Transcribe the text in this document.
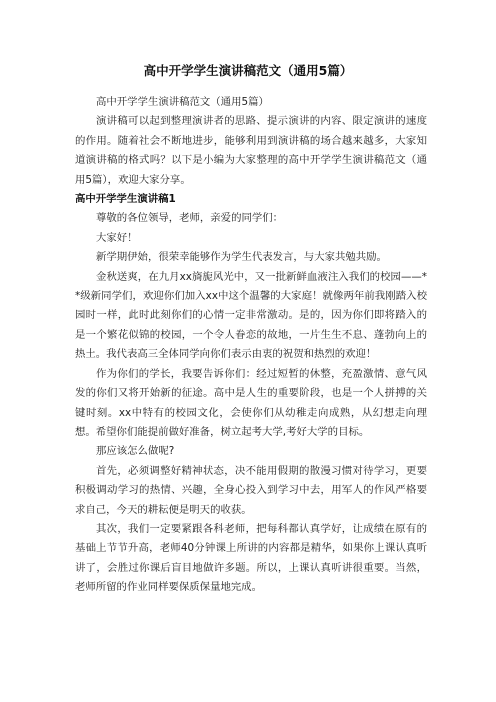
高中开学学生演讲稿范文（通用5篇）

高中开学学生演讲稿范文（通用5篇）

演讲稿可以起到整理演讲者的思路、提示演讲的内容、限定演讲的速度的作用。随着社会不断地进步，能够利用到演讲稿的场合越来越多，大家知道演讲稿的格式吗？以下是小编为大家整理的高中开学学生演讲稿范文（通用5篇），欢迎大家分享。

高中开学学生演讲稿1

尊敬的各位领导，老师，亲爱的同学们：

大家好！

新学期伊始，很荣幸能够作为学生代表发言，与大家共勉共励。

金秋送爽，在九月xx旖旎风光中，又一批新鲜血液注入我们的校园——**级新同学们，欢迎你们加入xx中这个温馨的大家庭！就像两年前我刚踏入校园时一样，此时此刻你们的心情一定非常激动。是的，因为你们即将踏入的是一个繁花似锦的校园，一个令人眷恋的故地，一片生生不息、蓬勃向上的热土。我代表高三全体同学向你们表示由衷的祝贺和热烈的欢迎！

作为你们的学长，我要告诉你们：经过短暂的休整，充盈激情、意气风发的你们又将开始新的征途。高中是人生的重要阶段，也是一个人拼搏的关键时刻。xx中特有的校园文化，会使你们从幼稚走向成熟，从幻想走向理想。希望你们能提前做好准备，树立起考大学,考好大学的目标。

那应该怎么做呢?

首先，必须调整好精神状态，决不能用假期的散漫习惯对待学习，更要积极调动学习的热情、兴趣，全身心投入到学习中去，用军人的作风严格要求自己，今天的耕耘便是明天的收获。

其次，我们一定要紧跟各科老师，把每科都认真学好，让成绩在原有的基础上节节升高，老师40分钟课上所讲的内容都是精华，如果你上课认真听讲了，会胜过你课后盲目地做许多题。所以，上课认真听讲很重要。当然，老师所留的作业同样要保质保量地完成。
